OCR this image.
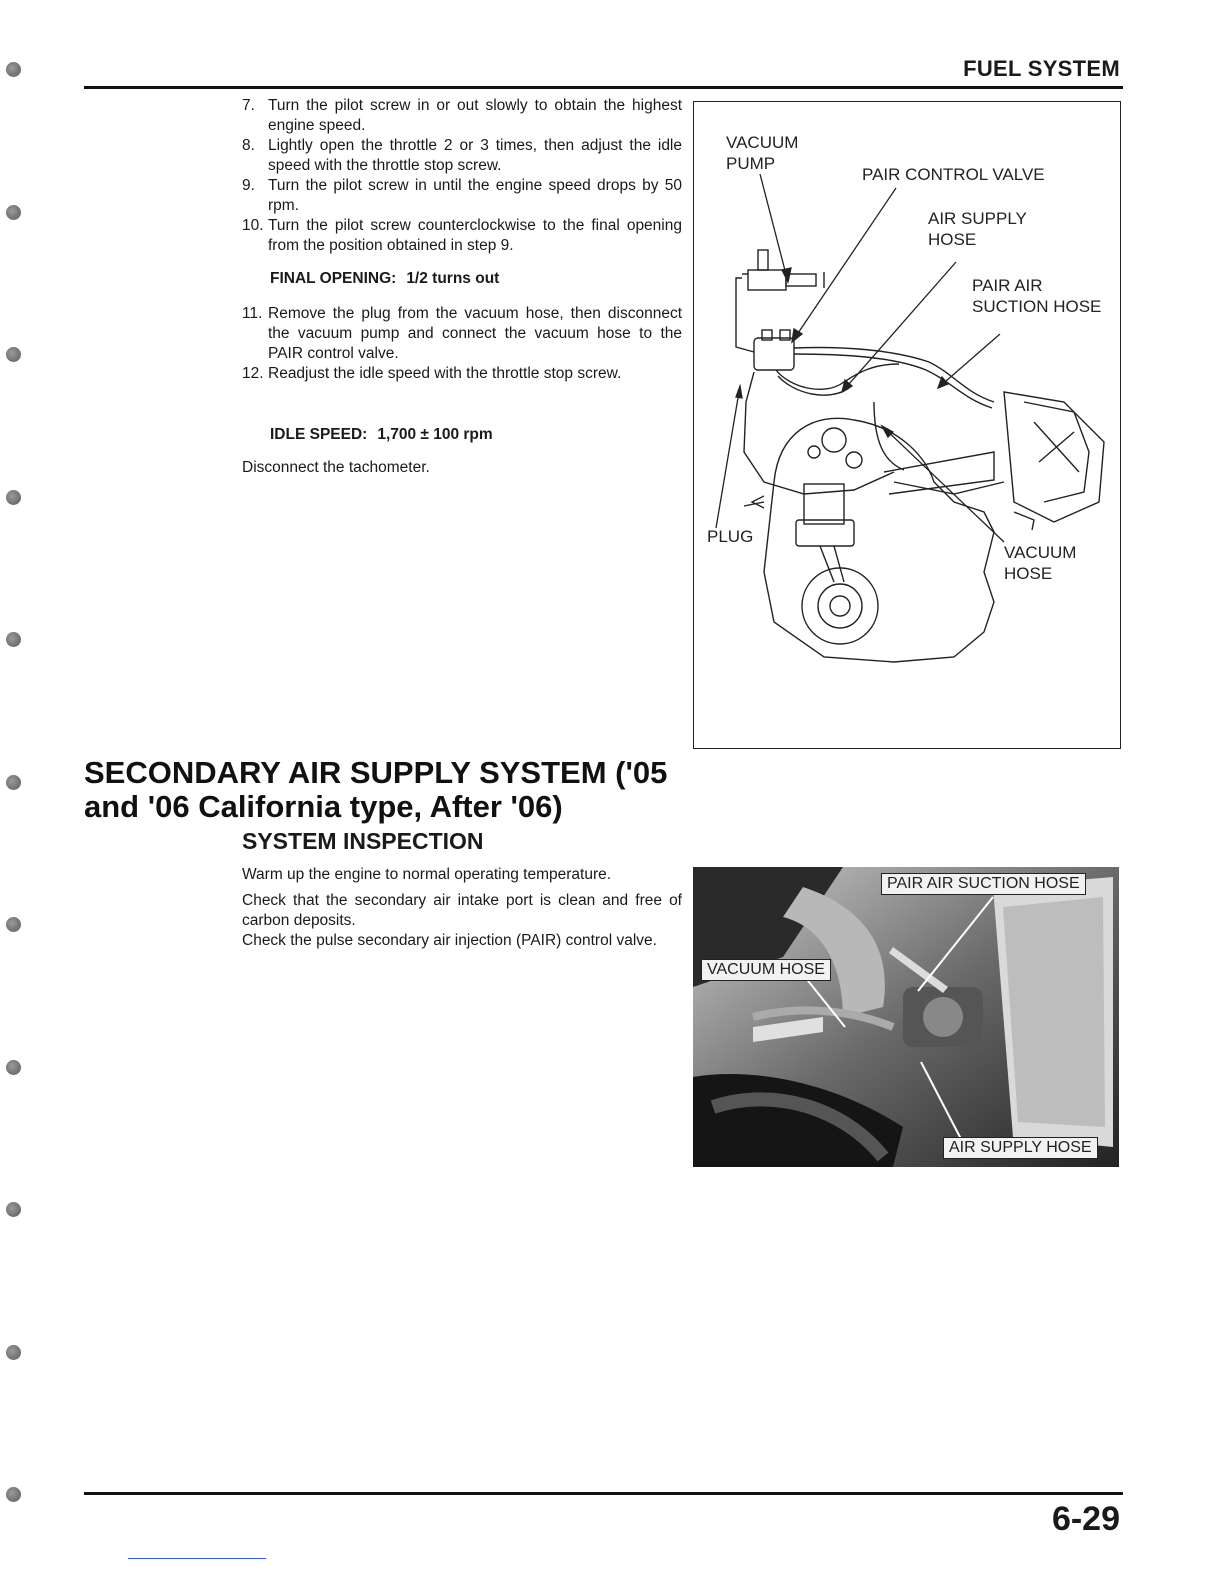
FUEL SYSTEM
7. Turn the pilot screw in or out slowly to obtain the highest engine speed.
8. Lightly open the throttle 2 or 3 times, then adjust the idle speed with the throttle stop screw.
9. Turn the pilot screw in until the engine speed drops by 50 rpm.
10. Turn the pilot screw counterclockwise to the final opening from the position obtained in step 9.
FINAL OPENING: 1/2 turns out
11. Remove the plug from the vacuum hose, then disconnect the vacuum pump and connect the vacuum hose to the PAIR control valve.
12. Readjust the idle speed with the throttle stop screw.
IDLE SPEED: 1,700 ± 100 rpm
Disconnect the tachometer.
VACUUM
PUMP
PAIR CONTROL VALVE
AIR SUPPLY
HOSE
PAIR AIR
SUCTION HOSE
PLUG
VACUUM
HOSE
SECONDARY AIR SUPPLY SYSTEM ('05
and '06 California type, After '06)
SYSTEM INSPECTION

Warm up the engine to normal operating temperature.

Check that the secondary air intake port is clean and free of carbon deposits.

Check the pulse secondary air injection (PAIR) control valve.

PAIR AIR SUCTION HOSE
VACUUM HOSE
AIR SUPPLY HOSE
6-29
